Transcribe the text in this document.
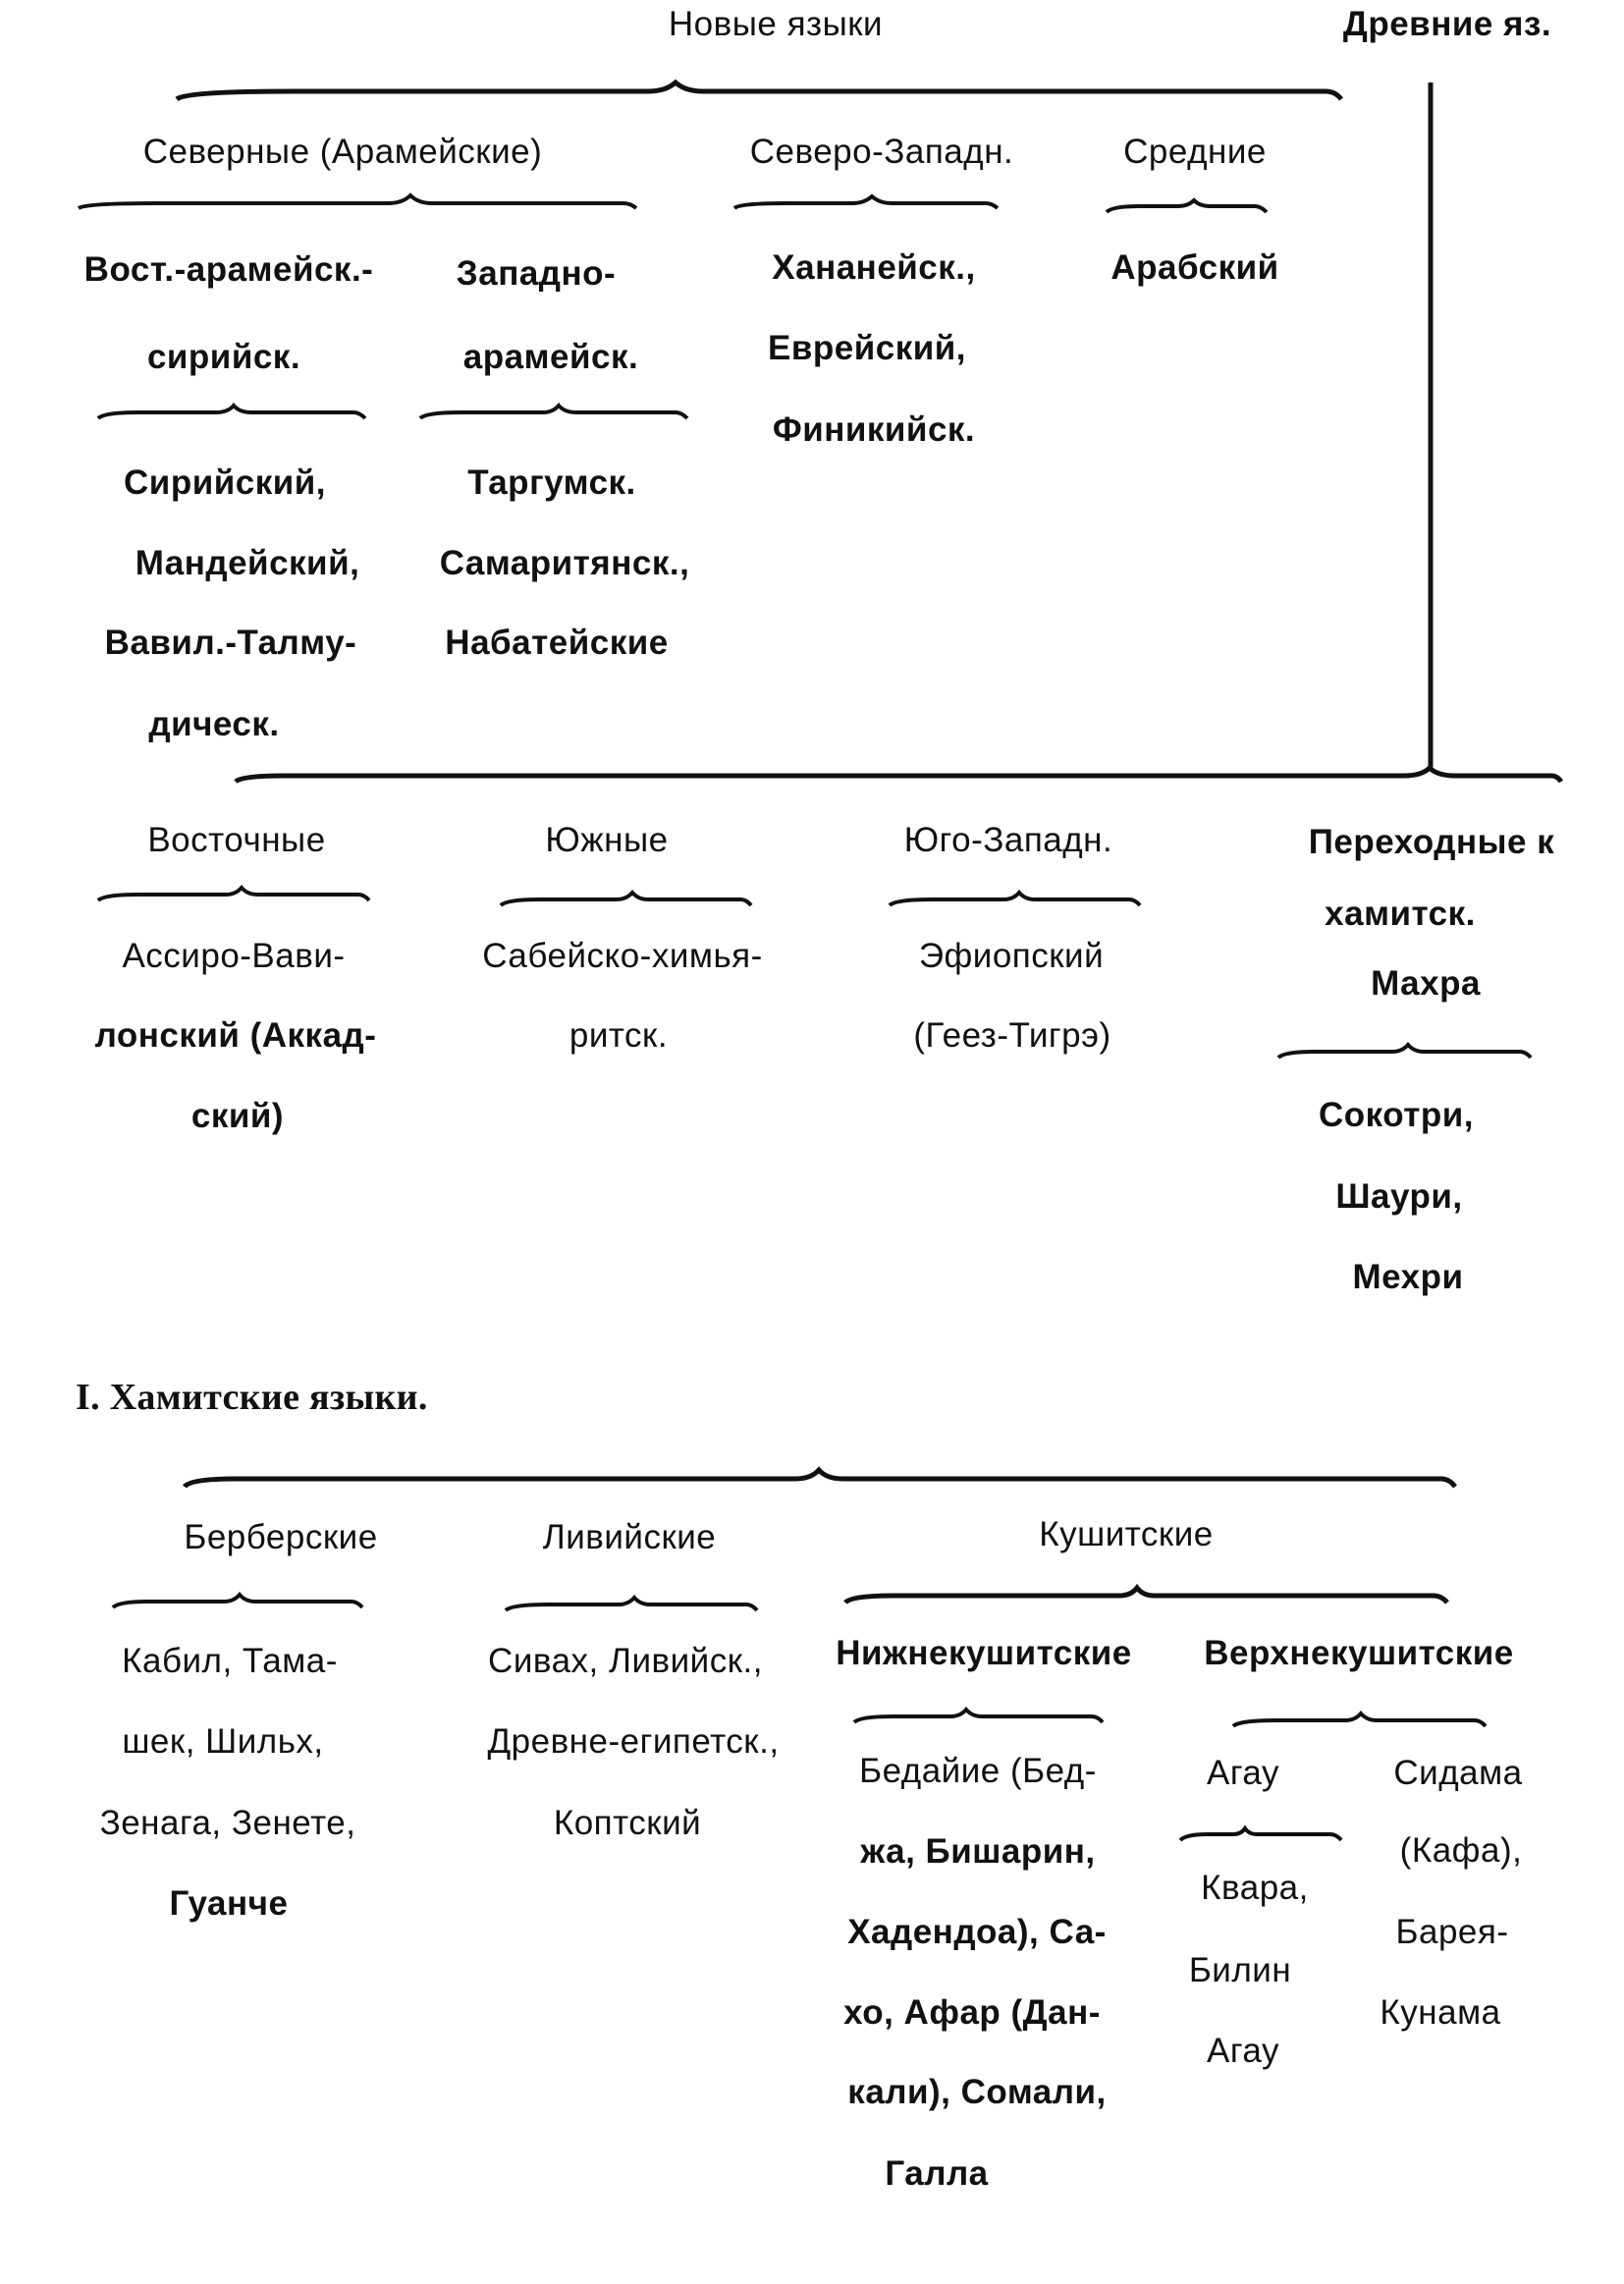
Новые языки	Древние яз.
Северные (Арамейские)	Северо-Западн.	Средние
Вост.-арамейск.-
сирийск.
Сирийский,
Мандейский,
Вавил.-Талму-
дическ.
Западно-
арамейск.
Таргумск.
Самаритянск.,
Набатейские
Хананейск.,
Еврейский,
Финикийск.
Арабский
Восточные
Ассиро-Вави-
лонский (Аккад-
ский)
Южные
Сабейско-химья-
ритск.
Юго-Западн.
Эфиопский
(Геез-Тигрэ)
Переходные к
хамитск.
Махра
Сокотри,
Шаури,
Мехри
I. Хамитские языки.
Берберские
Кабил, Тама-
шек, Шильх,
Зенага, Зенете,
Гуанче
Ливийские
Сивах, Ливийск.,
Древне-египетск.,
Коптский
Кушитские
Нижнекушитские Верхнекушитские
Бедайие (Бед-
жа, Бишарин,
Хадендоа), Са-
хо, Афар (Дан-
кали), Сомали,
Галла
Агау
Квара,
Билин
Агау
Сидама
(Кафа),
Барея-
Кунама
